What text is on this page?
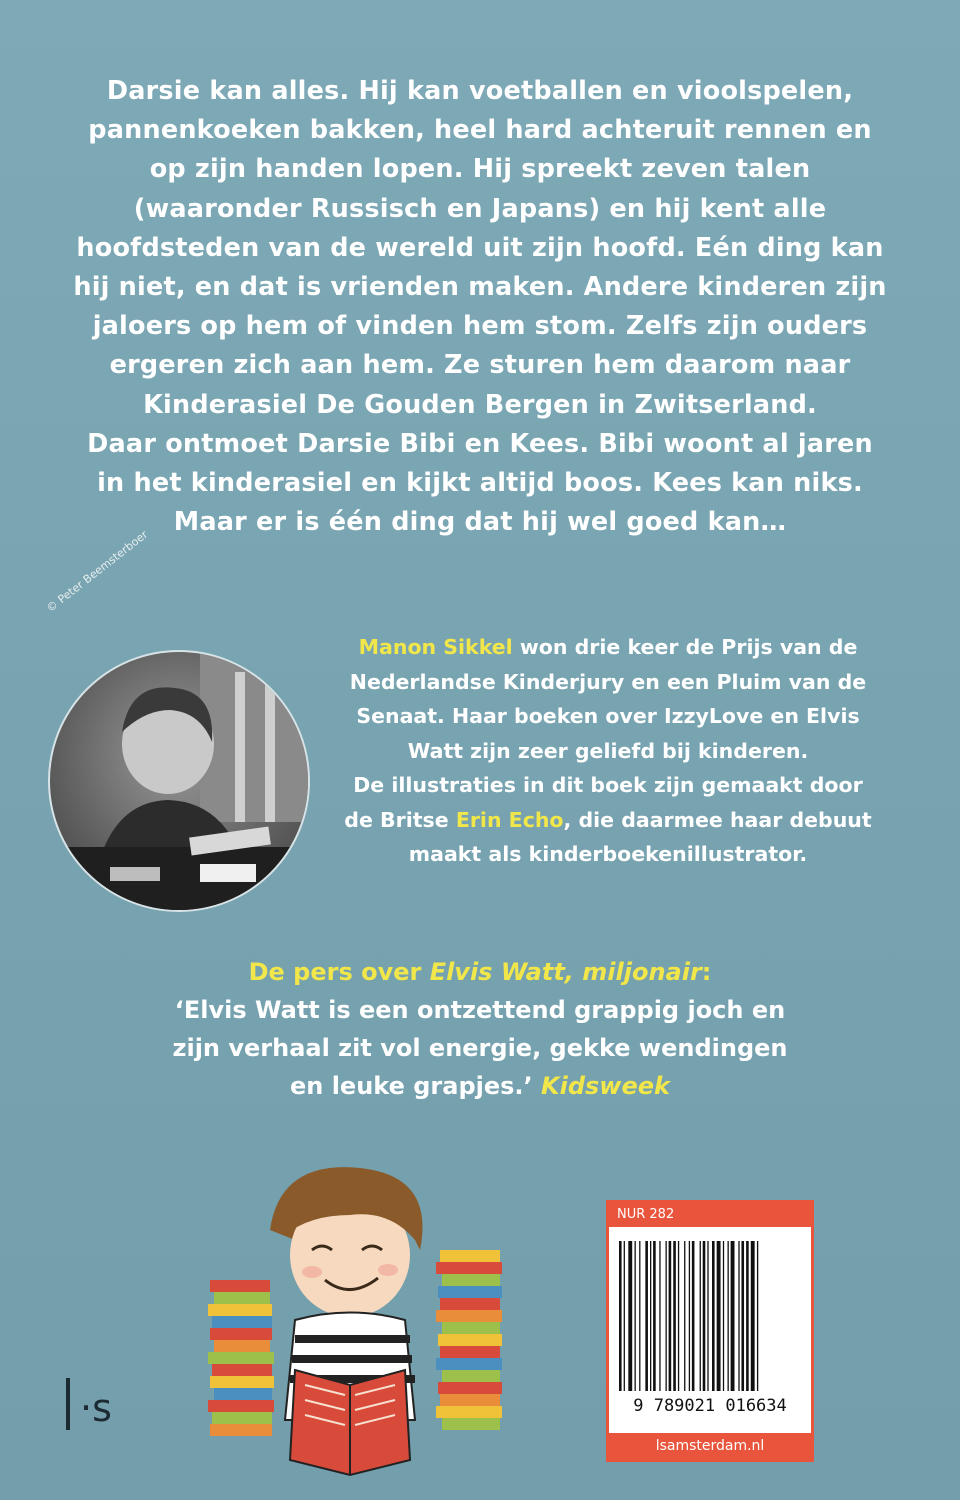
Darsie kan alles. Hij kan voetballen en vioolspelen,
pannenkoeken bakken, heel hard achteruit rennen en
op zijn handen lopen. Hij spreekt zeven talen
(waaronder Russisch en Japans) en hij kent alle
hoofdsteden van de wereld uit zijn hoofd. Eén ding kan
hij niet, en dat is vrienden maken. Andere kinderen zijn
jaloers op hem of vinden hem stom. Zelfs zijn ouders
ergeren zich aan hem. Ze sturen hem daarom naar
Kinderasiel De Gouden Bergen in Zwitserland.
Daar ontmoet Darsie Bibi en Kees. Bibi woont al jaren
in het kinderasiel en kijkt altijd boos. Kees kan niks.
Maar er is één ding dat hij wel goed kan…
© Peter Beemsterboer
Manon Sikkel won drie keer de Prijs van de
Nederlandse Kinderjury en een Pluim van de
Senaat. Haar boeken over IzzyLove en Elvis
Watt zijn zeer geliefd bij kinderen.
De illustraties in dit boek zijn gemaakt door
de Britse Erin Echo, die daarmee haar debuut
maakt als kinderboekenillustrator.
De pers over Elvis Watt, miljonair:
‘Elvis Watt is een ontzettend grappig joch en
zijn verhaal zit vol energie, gekke wendingen
en leuke grapjes.’ Kidsweek
·s
NUR 282
9 789021 016634
lsamsterdam.nl
